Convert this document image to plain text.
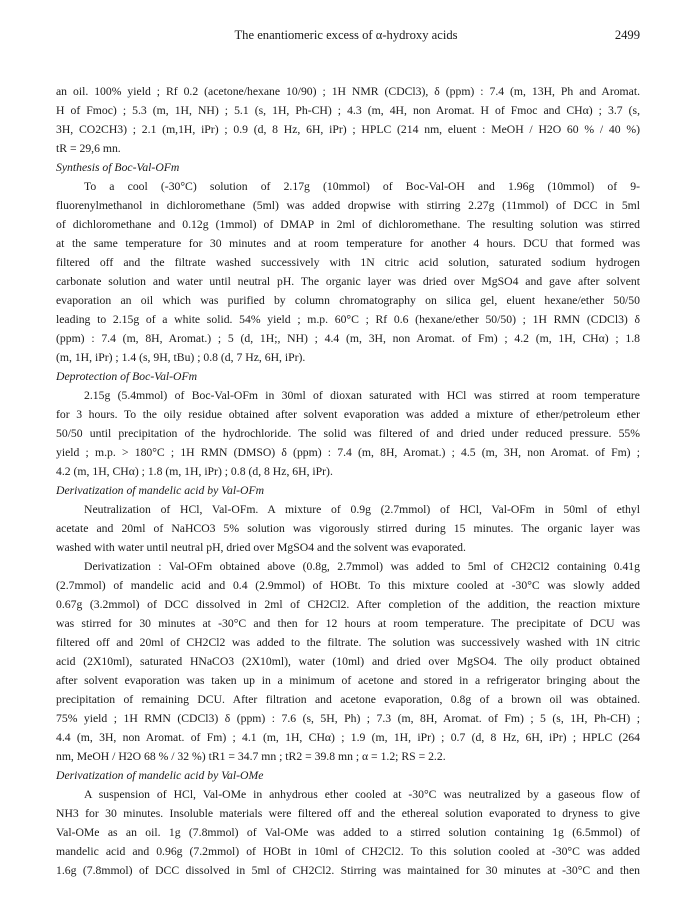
The enantiomeric excess of α-hydroxy acids	2499
an oil. 100% yield ; Rf 0.2 (acetone/hexane 10/90) ; 1H NMR (CDCl3), δ (ppm) : 7.4 (m, 13H, Ph and Aromat.
H of Fmoc) ; 5.3 (m, 1H, NH) ; 5.1 (s, 1H, Ph-CH) ; 4.3 (m, 4H, non Aromat. H of Fmoc and CHα) ; 3.7 (s,
3H, CO2CH3) ; 2.1 (m,1H, iPr) ; 0.9 (d, 8 Hz, 6H, iPr) ; HPLC (214 nm, eluent : MeOH / H2O 60 % / 40 %)
tR = 29,6 mn.
Synthesis of Boc-Val-OFm
To a cool (-30°C) solution of 2.17g (10mmol) of Boc-Val-OH and 1.96g (10mmol) of 9-
fluorenylmethanol in dichloromethane (5ml) was added dropwise with stirring 2.27g (11mmol) of DCC in 5ml
of dichloromethane and 0.12g (1mmol) of DMAP in 2ml of dichloromethane. The resulting solution was stirred
at the same temperature for 30 minutes and at room temperature for another 4 hours. DCU that formed was
filtered off and the filtrate washed successively with 1N citric acid solution, saturated sodium hydrogen
carbonate solution and water until neutral pH. The organic layer was dried over MgSO4 and gave after solvent
evaporation an oil which was purified by column chromatography on silica gel, eluent hexane/ether 50/50
leading to 2.15g of a white solid. 54% yield ; m.p. 60°C ; Rf 0.6 (hexane/ether 50/50) ; 1H RMN (CDCl3) δ
(ppm) : 7.4 (m, 8H, Aromat.) ; 5 (d, 1H;, NH) ; 4.4 (m, 3H, non Aromat. of Fm) ; 4.2 (m, 1H, CHα) ; 1.8
(m, 1H, iPr) ; 1.4 (s, 9H, tBu) ; 0.8 (d, 7 Hz, 6H, iPr).
Deprotection of Boc-Val-OFm
2.15g (5.4mmol) of Boc-Val-OFm in 30ml of dioxan saturated with HCl was stirred at room temperature
for 3 hours. To the oily residue obtained after solvent evaporation was added a mixture of ether/petroleum ether
50/50 until precipitation of the hydrochloride. The solid was filtered of and dried under reduced pressure. 55%
yield ; m.p. > 180°C ; 1H RMN (DMSO) δ (ppm) : 7.4 (m, 8H, Aromat.) ; 4.5 (m, 3H, non Aromat. of Fm) ;
4.2 (m, 1H, CHα) ; 1.8 (m, 1H, iPr) ; 0.8 (d, 8 Hz, 6H, iPr).
Derivatization of mandelic acid by Val-OFm
Neutralization of HCl, Val-OFm. A mixture of 0.9g (2.7mmol) of HCl, Val-OFm in 50ml of ethyl
acetate and 20ml of NaHCO3 5% solution was vigorously stirred during 15 minutes. The organic layer was
washed with water until neutral pH, dried over MgSO4 and the solvent was evaporated.
Derivatization : Val-OFm obtained above (0.8g, 2.7mmol) was added to 5ml of CH2Cl2 containing 0.41g
(2.7mmol) of mandelic acid and 0.4 (2.9mmol) of HOBt. To this mixture cooled at -30°C was slowly added
0.67g (3.2mmol) of DCC dissolved in 2ml of CH2Cl2. After completion of the addition, the reaction mixture
was stirred for 30 minutes at -30°C and then for 12 hours at room temperature. The precipitate of DCU was
filtered off and 20ml of CH2Cl2 was added to the filtrate. The solution was successively washed with 1N citric
acid (2X10ml), saturated HNaCO3 (2X10ml), water (10ml) and dried over MgSO4. The oily product obtained
after solvent evaporation was taken up in a minimum of acetone and stored in a refrigerator bringing about the
precipitation of remaining DCU. After filtration and acetone evaporation, 0.8g of a brown oil was obtained.
75% yield ; 1H RMN (CDCl3) δ (ppm) : 7.6 (s, 5H, Ph) ; 7.3 (m, 8H, Aromat. of Fm) ; 5 (s, 1H, Ph-CH) ;
4.4 (m, 3H, non Aromat. of Fm) ; 4.1 (m, 1H, CHα) ; 1.9 (m, 1H, iPr) ; 0.7 (d, 8 Hz, 6H, iPr) ; HPLC (264
nm, MeOH / H2O 68 % / 32 %) tR1 = 34.7 mn ; tR2 = 39.8 mn ; α = 1.2; RS = 2.2.
Derivatization of mandelic acid by Val-OMe
A suspension of HCl, Val-OMe in anhydrous ether cooled at -30°C was neutralized by a gaseous flow of
NH3 for 30 minutes. Insoluble materials were filtered off and the ethereal solution evaporated to dryness to give
Val-OMe as an oil. 1g (7.8mmol) of Val-OMe was added to a stirred solution containing 1g (6.5mmol) of
mandelic acid and 0.96g (7.2mmol) of HOBt in 10ml of CH2Cl2. To this solution cooled at -30°C was added
1.6g (7.8mmol) of DCC dissolved in 5ml of CH2Cl2. Stirring was maintained for 30 minutes at -30°C and then
